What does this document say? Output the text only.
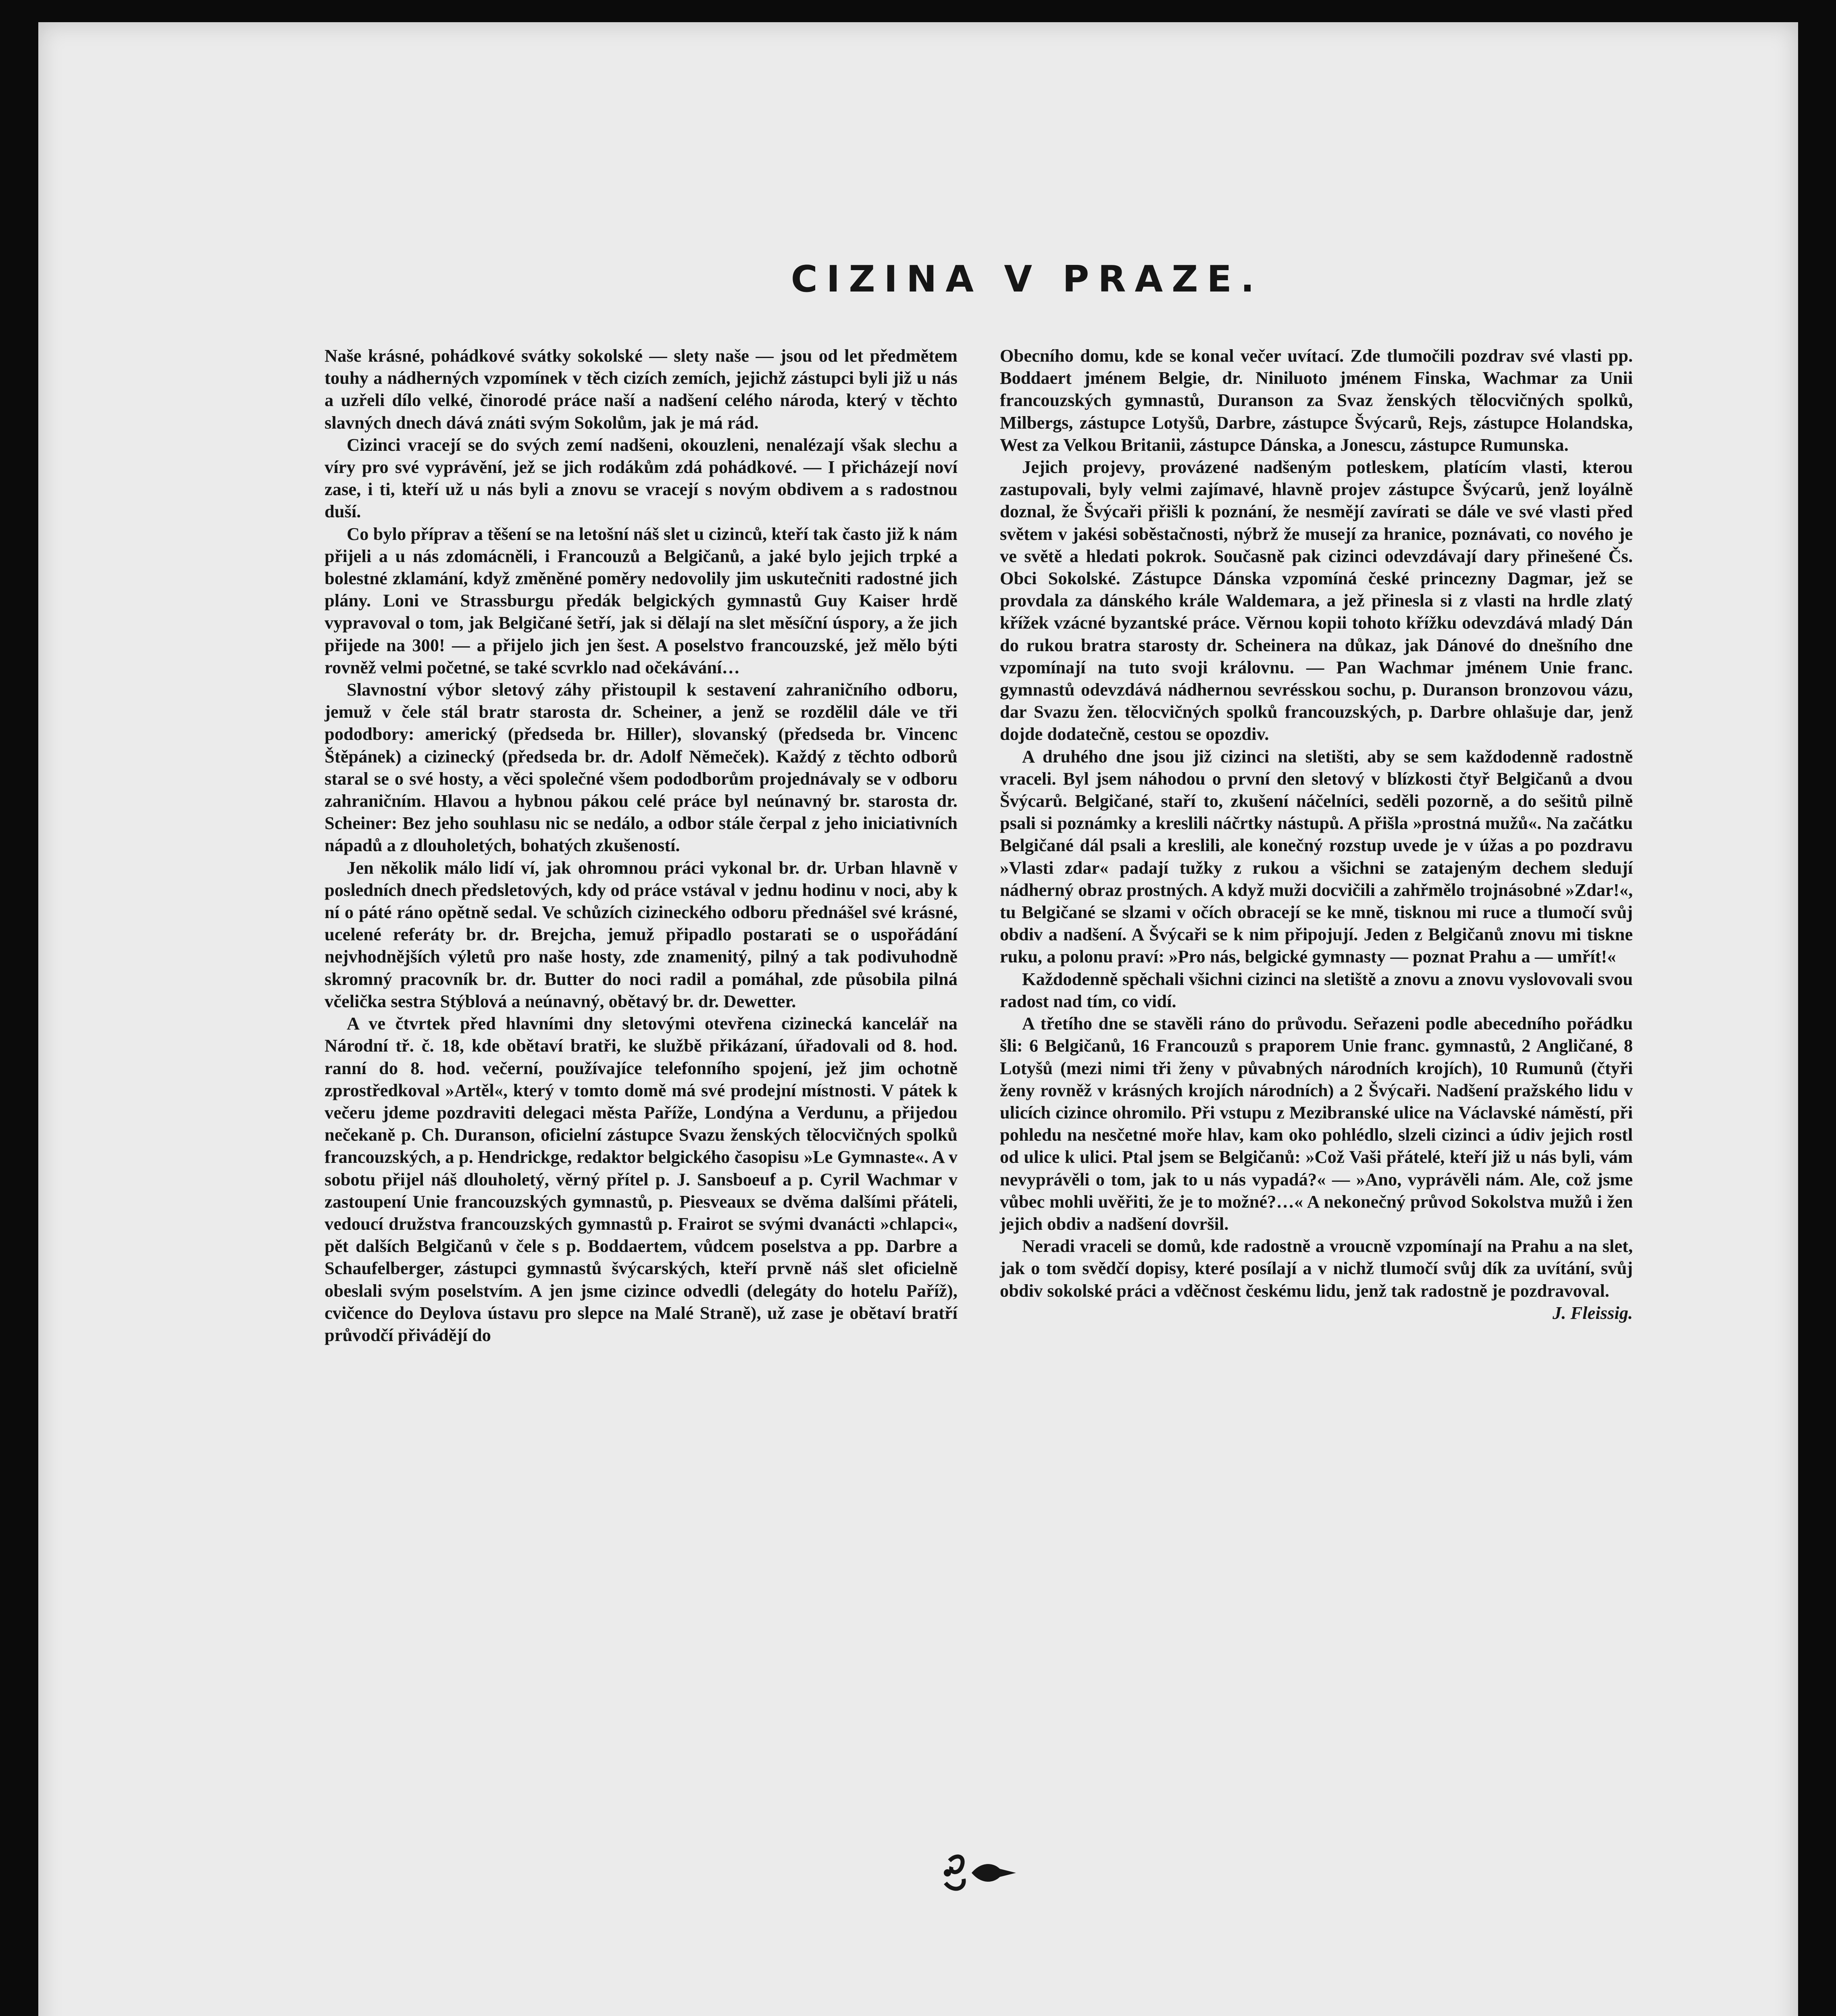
CIZINA V PRAZE.

Naše krásné, pohádkové svátky sokolské — slety naše — jsou od let předmětem touhy a nádherných vzpomínek v těch cizích zemích, jejichž zástupci byli již u nás a uzřeli dílo velké, činorodé práce naší a nadšení celého národa, který v těchto slavných dnech dává znáti svým Sokolům, jak je má rád.

Cizinci vracejí se do svých zemí nadšeni, okouzleni, nenalézají však slechu a víry pro své vyprávění, jež se jich rodákům zdá pohádkové. — I přicházejí noví zase, i ti, kteří už u nás byli a znovu se vracejí s novým obdivem a s radostnou duší.

Co bylo příprav a těšení se na letošní náš slet u cizinců, kteří tak často již k nám přijeli a u nás zdomácněli, i Francouzů a Belgičanů, a jaké bylo jejich trpké a bolestné zklamání, když změněné poměry nedovolily jim uskutečniti radostné jich plány. Loni ve Strassburgu předák belgických gymnastů Guy Kaiser hrdě vypravoval o tom, jak Belgičané šetří, jak si dělají na slet měsíční úspory, a že jich přijede na 300! — a přijelo jich jen šest. A poselstvo francouzské, jež mělo býti rovněž velmi početné, se také scvrklo nad očekávání…

Slavnostní výbor sletový záhy přistoupil k sestavení zahraničního odboru, jemuž v čele stál bratr starosta dr. Scheiner, a jenž se rozdělil dále ve tři pododbory: americký (předseda br. Hiller), slovanský (předseda br. Vincenc Štěpánek) a cizinecký (předseda br. dr. Adolf Němeček). Každý z těchto odborů staral se o své hosty, a věci společné všem pododborům projednávaly se v odboru zahraničním. Hlavou a hybnou pákou celé práce byl neúnavný br. starosta dr. Scheiner: Bez jeho souhlasu nic se nedálo, a odbor stále čerpal z jeho iniciativních nápadů a z dlouholetých, bohatých zkušeností.

Jen několik málo lidí ví, jak ohromnou práci vykonal br. dr. Urban hlavně v posledních dnech předsletových, kdy od práce vstával v jednu hodinu v noci, aby k ní o páté ráno opětně sedal. Ve schůzích cizineckého odboru přednášel své krásné, ucelené referáty br. dr. Brejcha, jemuž připadlo postarati se o uspořádání nejvhodnějších výletů pro naše hosty, zde znamenitý, pilný a tak podivuhodně skromný pracovník br. dr. Butter do noci radil a pomáhal, zde působila pilná včelička sestra Stýblová a neúnavný, obětavý br. dr. Dewetter.

A ve čtvrtek před hlavními dny sletovými otevřena cizinecká kancelář na Národní tř. č. 18, kde obětaví bratři, ke službě přikázaní, úřadovali od 8. hod. ranní do 8. hod. večerní, používajíce telefonního spojení, jež jim ochotně zprostředkoval »Artěl«, který v tomto domě má své prodejní místnosti. V pátek k večeru jdeme pozdraviti delegaci města Paříže, Londýna a Verdunu, a přijedou nečekaně p. Ch. Duranson, oficielní zástupce Svazu ženských tělocvičných spolků francouzských, a p. Hendrickge, redaktor belgického časopisu »Le Gymnaste«. A v sobotu přijel náš dlouholetý, věrný přítel p. J. Sansboeuf a p. Cyril Wachmar v zastoupení Unie francouzských gymnastů, p. Piesveaux se dvěma dalšími přáteli, vedoucí družstva francouzských gymnastů p. Frairot se svými dvanácti »chlapci«, pět dalších Belgičanů v čele s p. Boddaertem, vůdcem poselstva a pp. Darbre a Schaufelberger, zástupci gymnastů švýcarských, kteří prvně náš slet oficielně obeslali svým poselstvím. A jen jsme cizince odvedli (delegáty do hotelu Paříž), cvičence do Deylova ústavu pro slepce na Malé Straně), už zase je obětaví bratří průvodčí přivádějí do

Obecního domu, kde se konal večer uvítací. Zde tlumočili pozdrav své vlasti pp. Boddaert jménem Belgie, dr. Niniluoto jménem Finska, Wachmar za Unii francouzských gymnastů, Duranson za Svaz ženských tělocvičných spolků, Milbergs, zástupce Lotyšů, Darbre, zástupce Švýcarů, Rejs, zástupce Holandska, West za Velkou Britanii, zástupce Dánska, a Jonescu, zástupce Rumunska.

Jejich projevy, provázené nadšeným potleskem, platícím vlasti, kterou zastupovali, byly velmi zajímavé, hlavně projev zástupce Švýcarů, jenž loyálně doznal, že Švýcaři přišli k poznání, že nesmějí zavírati se dále ve své vlasti před světem v jakési soběstačnosti, nýbrž že musejí za hranice, poznávati, co nového je ve světě a hledati pokrok. Současně pak cizinci odevzdávají dary přinešené Čs. Obci Sokolské. Zástupce Dánska vzpomíná české princezny Dagmar, jež se provdala za dánského krále Waldemara, a jež přinesla si z vlasti na hrdle zlatý křížek vzácné byzantské práce. Věrnou kopii tohoto křížku odevzdává mladý Dán do rukou bratra starosty dr. Scheinera na důkaz, jak Dánové do dnešního dne vzpomínají na tuto svoji královnu. — Pan Wachmar jménem Unie franc. gymnastů odevzdává nádhernou sevrésskou sochu, p. Duranson bronzovou vázu, dar Svazu žen. tělocvičných spolků francouzských, p. Darbre ohlašuje dar, jenž dojde dodatečně, cestou se opozdiv.

A druhého dne jsou již cizinci na sletišti, aby se sem každodenně radostně vraceli. Byl jsem náhodou o první den sletový v blízkosti čtyř Belgičanů a dvou Švýcarů. Belgičané, staří to, zkušení náčelníci, seděli pozorně, a do sešitů pilně psali si poznámky a kreslili náčrtky nástupů. A přišla »prostná mužů«. Na začátku Belgičané dál psali a kreslili, ale konečný rozstup uvede je v úžas a po pozdravu »Vlasti zdar« padají tužky z rukou a všichni se zatajeným dechem sledují nádherný obraz prostných. A když muži docvičili a zahřmělo trojnásobné »Zdar!«, tu Belgičané se slzami v očích obracejí se ke mně, tisknou mi ruce a tlumočí svůj obdiv a nadšení. A Švýcaři se k nim připojují. Jeden z Belgičanů znovu mi tiskne ruku, a polonu praví: »Pro nás, belgické gymnasty — poznat Prahu a — umřít!«

Každodenně spěchali všichni cizinci na sletiště a znovu a znovu vyslovovali svou radost nad tím, co vidí.

A třetího dne se stavěli ráno do průvodu. Seřazeni podle abecedního pořádku šli: 6 Belgičanů, 16 Francouzů s praporem Unie franc. gymnastů, 2 Angličané, 8 Lotyšů (mezi nimi tři ženy v půvabných národních krojích), 10 Rumunů (čtyři ženy rovněž v krásných krojích národních) a 2 Švýcaři. Nadšení pražského lidu v ulicích cizince ohromilo. Při vstupu z Mezibranské ulice na Václavské náměstí, při pohledu na nesčetné moře hlav, kam oko pohlédlo, slzeli cizinci a údiv jejich rostl od ulice k ulici. Ptal jsem se Belgičanů: »Což Vaši přátelé, kteří již u nás byli, vám nevyprávěli o tom, jak to u nás vypadá?« — »Ano, vyprávěli nám. Ale, což jsme vůbec mohli uvěřiti, že je to možné?…« A nekonečný průvod Sokolstva mužů i žen jejich obdiv a nadšení dovršil.

Neradi vraceli se domů, kde radostně a vroucně vzpomínají na Prahu a na slet, jak o tom svědčí dopisy, které posílají a v nichž tlumočí svůj dík za uvítání, svůj obdiv sokolské práci a vděčnost českému lidu, jenž tak radostně je pozdravoval.

J. Fleissig.
